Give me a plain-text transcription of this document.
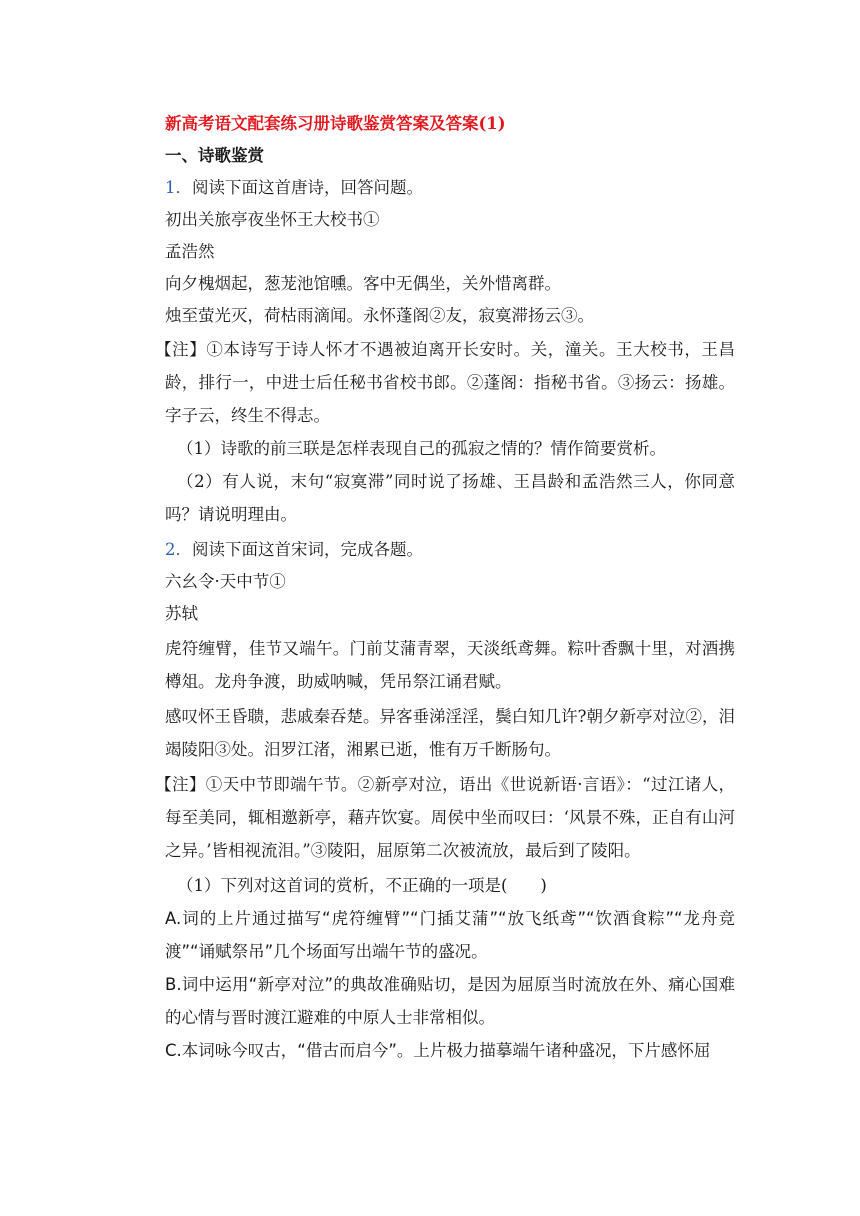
新高考语文配套练习册诗歌鉴赏答案及答案(1)
一、诗歌鉴赏
1．阅读下面这首唐诗，回答问题。
初出关旅亭夜坐怀王大校书①
孟浩然
向夕槐烟起，葱茏池馆曛。客中无偶坐，关外惜离群。
烛至萤光灭，荷枯雨滴闻。永怀蓬阁②友，寂寞滞扬云③。

【注】①本诗写于诗人怀才不遇被迫离开长安时。关，潼关。王大校书，王昌龄，排行一，中进士后任秘书省校书郎。②蓬阁：指秘书省。③扬云：扬雄。字子云，终生不得志。

（1）诗歌的前三联是怎样表现自己的孤寂之情的？情作简要赏析。

（2）有人说，末句“寂寞滞”同时说了扬雄、王昌龄和孟浩然三人，你同意吗？请说明理由。

2．阅读下面这首宋词，完成各题。
六幺令·天中节①
苏轼

虎符缠臂，佳节又端午。门前艾蒲青翠，天淡纸鸢舞。粽叶香飘十里，对酒携樽俎。龙舟争渡，助威呐喊，凭吊祭江诵君赋。

感叹怀王昏聩，悲戚秦吞楚。异客垂涕淫淫，鬓白知几许?朝夕新亭对泣②，泪竭陵阳③处。汨罗江渚，湘累已逝，惟有万千断肠句。

【注】①天中节即端午节。②新亭对泣，语出《世说新语·言语》：“过江诸人，每至美同，辄相邀新亭，藉卉饮宴。周侯中坐而叹曰：‘风景不殊，正自有山河之异。’皆相视流泪。”③陵阳，屈原第二次被流放，最后到了陵阳。

（1）下列对这首词的赏析，不正确的一项是(　　)

A.词的上片通过描写“虎符缠臂”“门插艾蒲”“放飞纸鸢”“饮酒食粽”“龙舟竞渡”“诵赋祭吊”几个场面写出端午节的盛况。

B.词中运用“新亭对泣”的典故准确贴切，是因为屈原当时流放在外、痛心国难的心情与晋时渡江避难的中原人士非常相似。

C.本词咏今叹古，“借古而启今”。上片极力描摹端午诸种盛况，下片感怀屈
